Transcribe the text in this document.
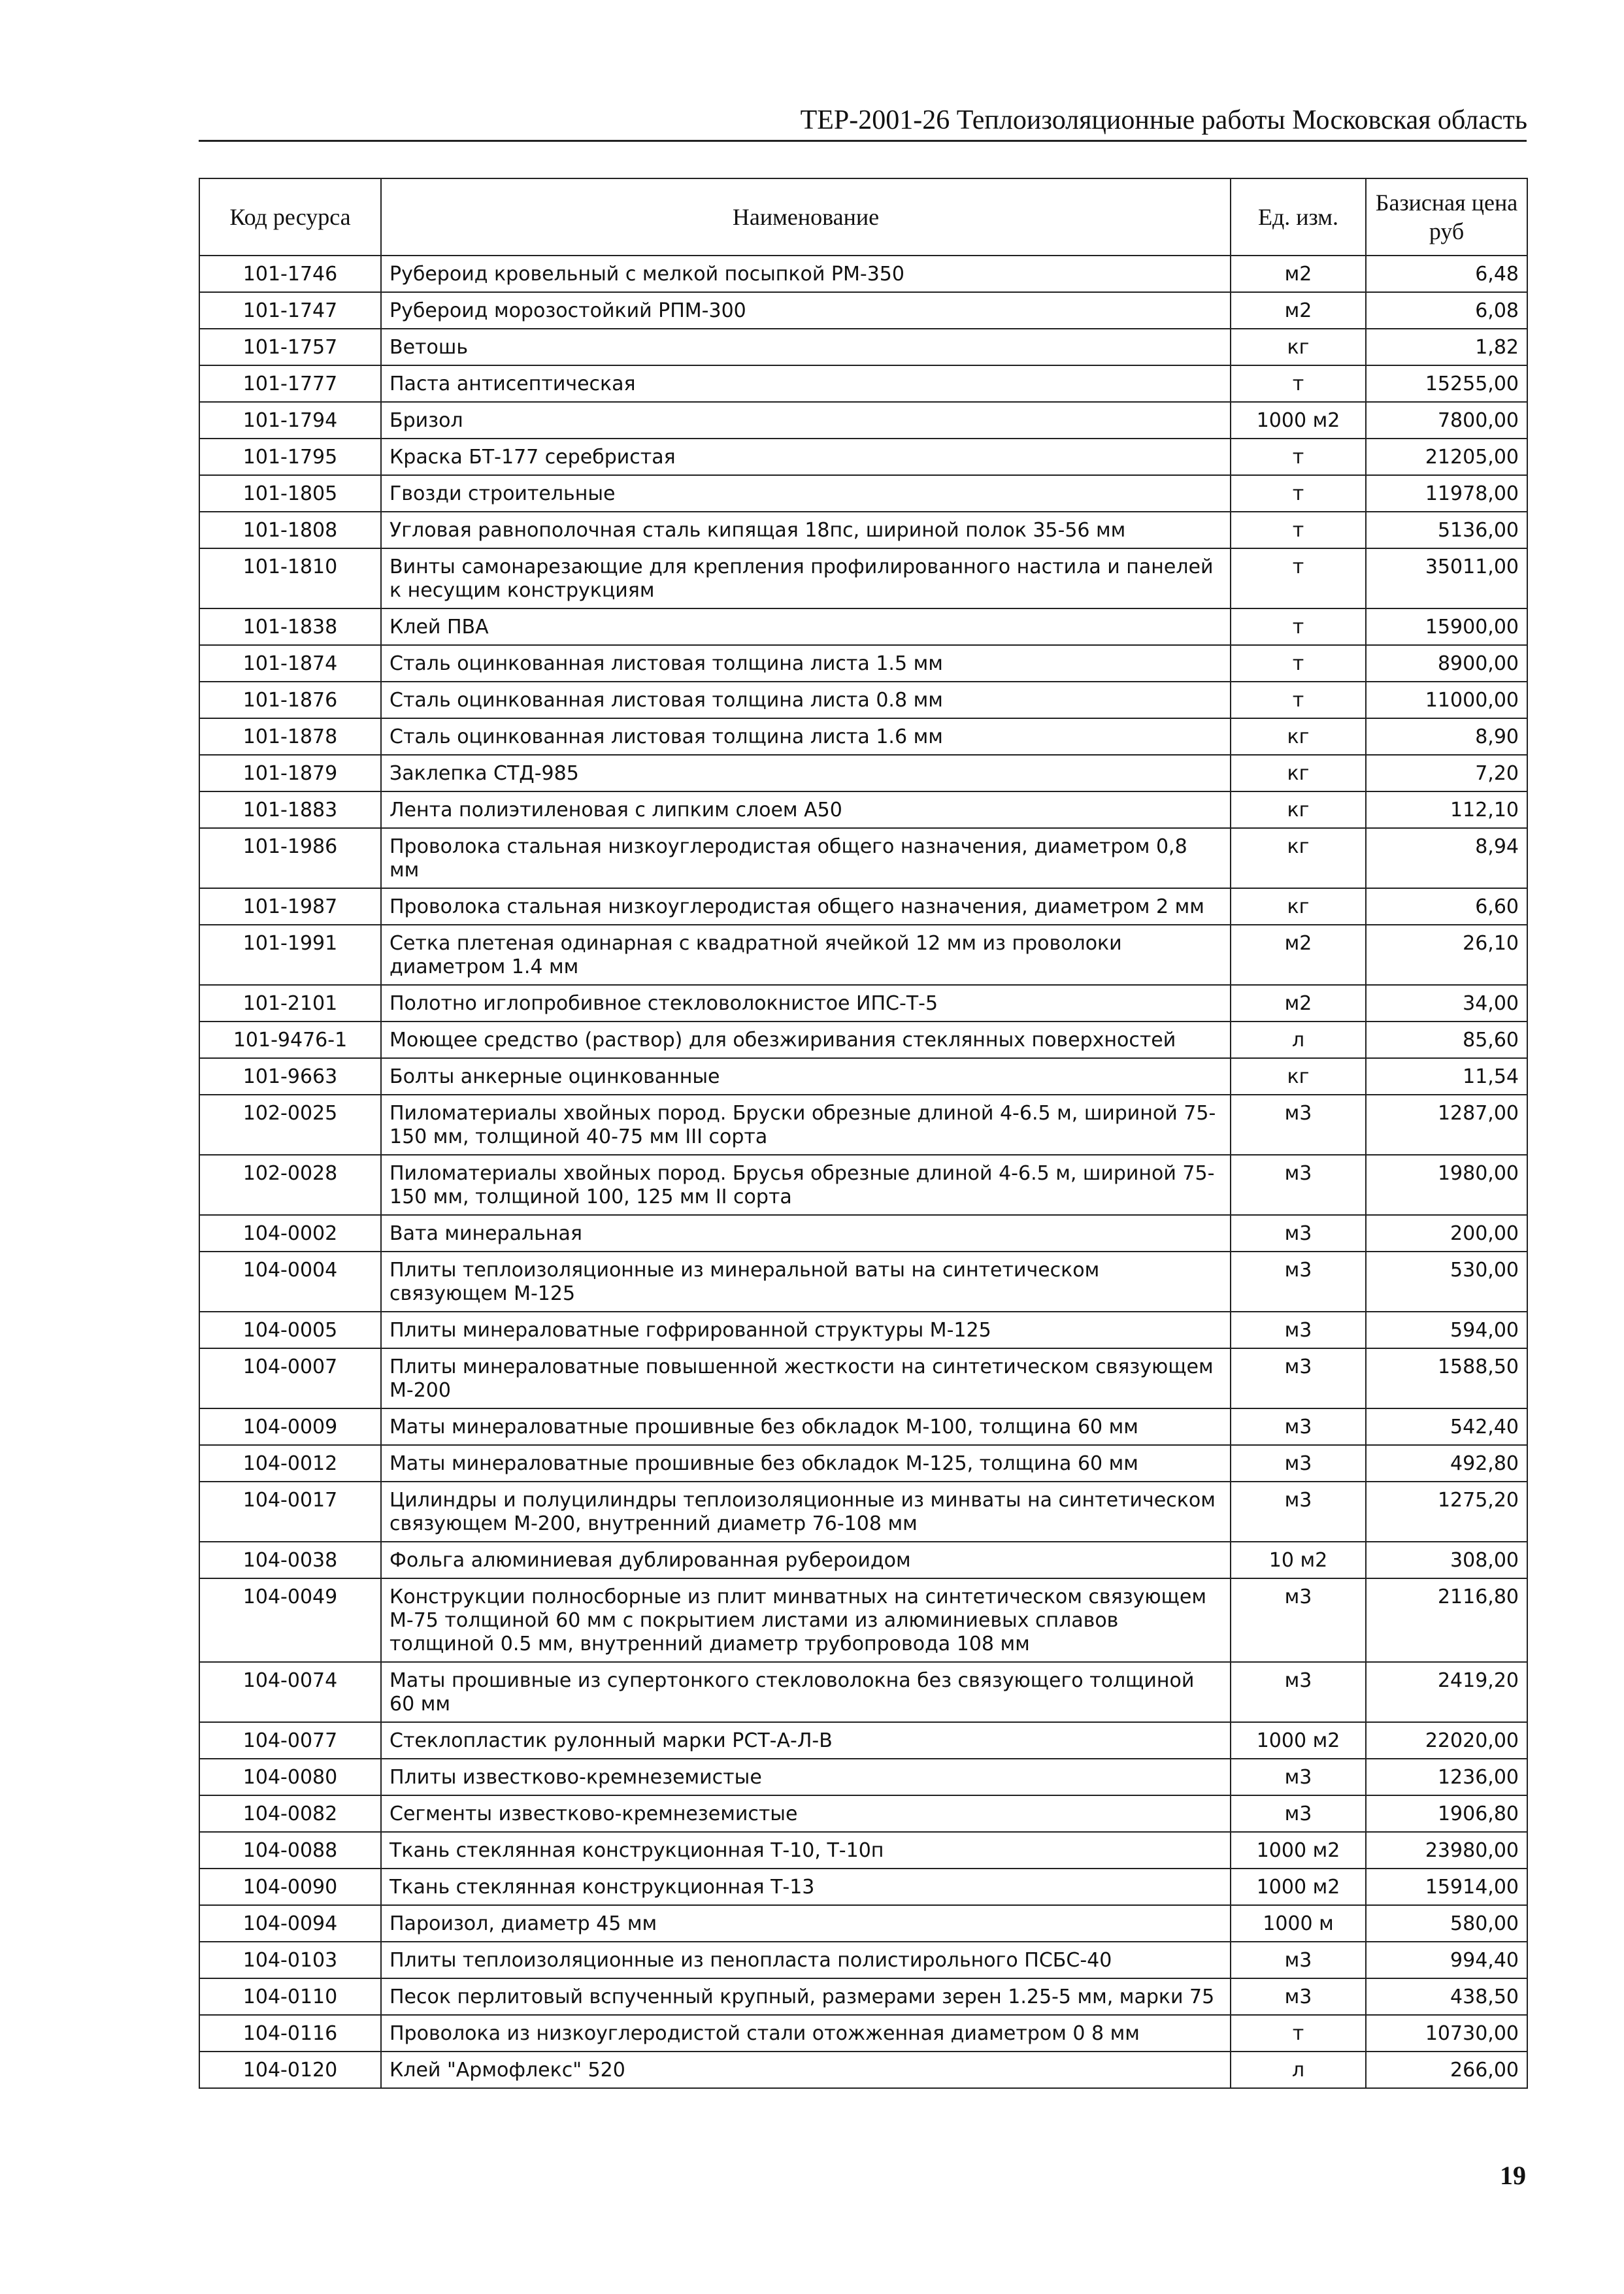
ТЕР-2001-26 Теплоизоляционные работы Московская область
Код ресурса	Наименование	Ед. изм.	Базисная цена руб
101-1746	Рубероид кровельный с мелкой посыпкой РМ-350	м2	6,48
101-1747	Рубероид морозостойкий РПМ-300	м2	6,08
101-1757	Ветошь	кг	1,82
101-1777	Паста антисептическая	т	15255,00
101-1794	Бризол	1000 м2	7800,00
101-1795	Краска БТ-177 серебристая	т	21205,00
101-1805	Гвозди строительные	т	11978,00
101-1808	Угловая равнополочная сталь кипящая 18пс, шириной полок 35-56 мм	т	5136,00
101-1810	Винты самонарезающие для крепления профилированного настила и панелей к несущим конструкциям	т	35011,00
101-1838	Клей ПВА	т	15900,00
101-1874	Сталь оцинкованная листовая толщина листа 1.5 мм	т	8900,00
101-1876	Сталь оцинкованная листовая толщина листа 0.8 мм	т	11000,00
101-1878	Сталь оцинкованная листовая толщина листа 1.6 мм	кг	8,90
101-1879	Заклепка СТД-985	кг	7,20
101-1883	Лента полиэтиленовая с липким слоем А50	кг	112,10
101-1986	Проволока стальная низкоуглеродистая общего назначения, диаметром 0,8 мм	кг	8,94
101-1987	Проволока стальная низкоуглеродистая общего назначения, диаметром 2 мм	кг	6,60
101-1991	Сетка плетеная одинарная с квадратной ячейкой 12 мм из проволоки диаметром 1.4 мм	м2	26,10
101-2101	Полотно иглопробивное стекловолокнистое ИПС-Т-5	м2	34,00
101-9476-1	Моющее средство (раствор) для обезжиривания стеклянных поверхностей	л	85,60
101-9663	Болты анкерные оцинкованные	кг	11,54
102-0025	Пиломатериалы хвойных пород. Бруски обрезные длиной 4-6.5 м, шириной 75-150 мм, толщиной 40-75 мм III сорта	м3	1287,00
102-0028	Пиломатериалы хвойных пород. Брусья обрезные длиной 4-6.5 м, шириной 75-150 мм, толщиной 100, 125 мм II сорта	м3	1980,00
104-0002	Вата минеральная	м3	200,00
104-0004	Плиты теплоизоляционные из минеральной ваты на синтетическом связующем М-125	м3	530,00
104-0005	Плиты минераловатные гофрированной структуры М-125	м3	594,00
104-0007	Плиты минераловатные повышенной жесткости на синтетическом связующем М-200	м3	1588,50
104-0009	Маты минераловатные прошивные без обкладок М-100, толщина 60 мм	м3	542,40
104-0012	Маты минераловатные прошивные без обкладок М-125, толщина 60 мм	м3	492,80
104-0017	Цилиндры и полуцилиндры теплоизоляционные из минваты на синтетическом связующем М-200, внутренний диаметр 76-108 мм	м3	1275,20
104-0038	Фольга алюминиевая дублированная рубероидом	10 м2	308,00
104-0049	Конструкции полносборные из плит минватных на синтетическом связующем М-75 толщиной 60 мм с покрытием листами из алюминиевых сплавов толщиной 0.5 мм, внутренний диаметр трубопровода 108 мм	м3	2116,80
104-0074	Маты прошивные из супертонкого стекловолокна без связующего толщиной 60 мм	м3	2419,20
104-0077	Стеклопластик рулонный марки РСТ-А-Л-В	1000 м2	22020,00
104-0080	Плиты известково-кремнеземистые	м3	1236,00
104-0082	Сегменты известково-кремнеземистые	м3	1906,80
104-0088	Ткань стеклянная конструкционная Т-10, Т-10п	1000 м2	23980,00
104-0090	Ткань стеклянная конструкционная Т-13	1000 м2	15914,00
104-0094	Пароизол, диаметр 45 мм	1000 м	580,00
104-0103	Плиты теплоизоляционные из пенопласта полистирольного ПСБС-40	м3	994,40
104-0110	Песок перлитовый вспученный крупный, размерами зерен 1.25-5 мм, марки 75	м3	438,50
104-0116	Проволока из низкоуглеродистой стали отожженная диаметром 0 8 мм	т	10730,00
104-0120	Клей "Армофлекс" 520	л	266,00
19
